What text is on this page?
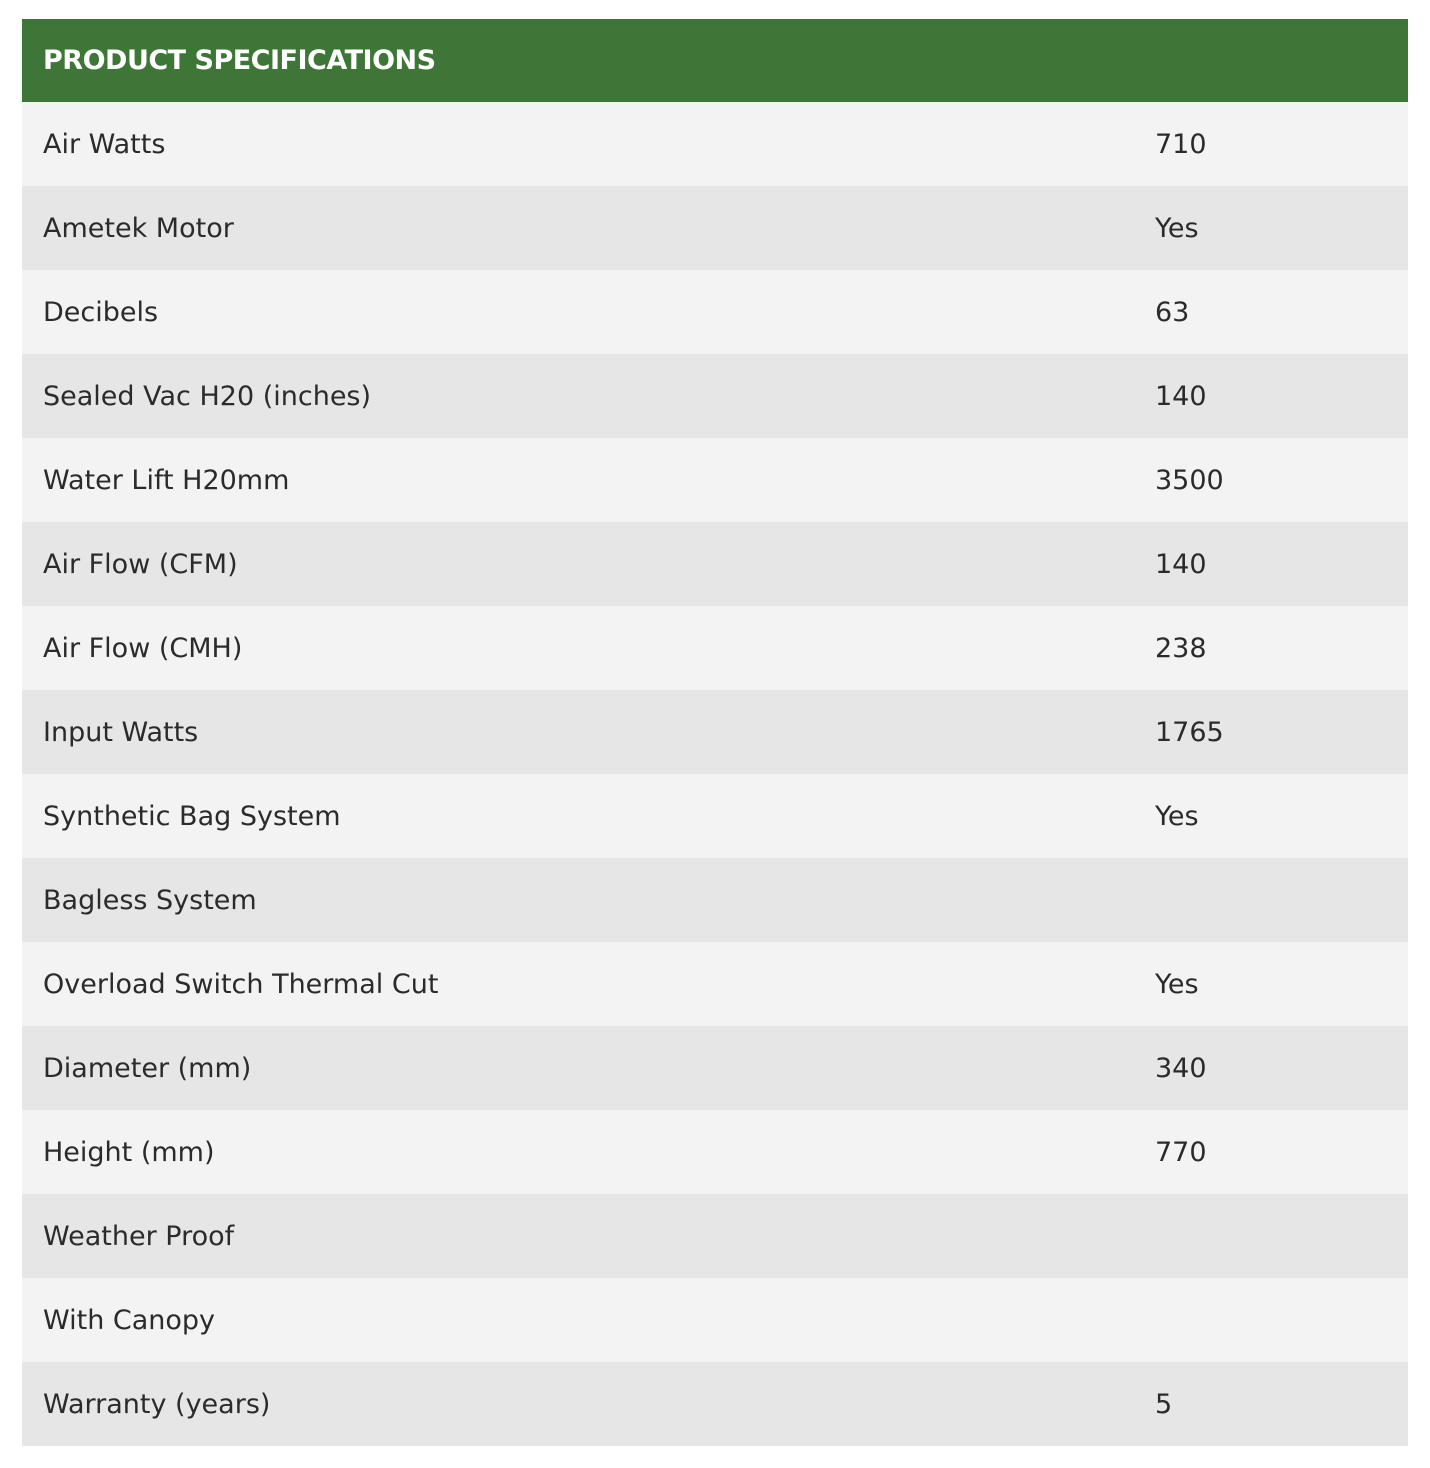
PRODUCT SPECIFICATIONS	
Air Watts	710
Ametek Motor	Yes
Decibels	63
Sealed Vac H20 (inches)	140
Water Lift H20mm	3500
Air Flow (CFM)	140
Air Flow (CMH)	238
Input Watts	1765
Synthetic Bag System	Yes
Bagless System	
Overload Switch Thermal Cut	Yes
Diameter (mm)	340
Height (mm)	770
Weather Proof	
With Canopy	
Warranty (years)	5
